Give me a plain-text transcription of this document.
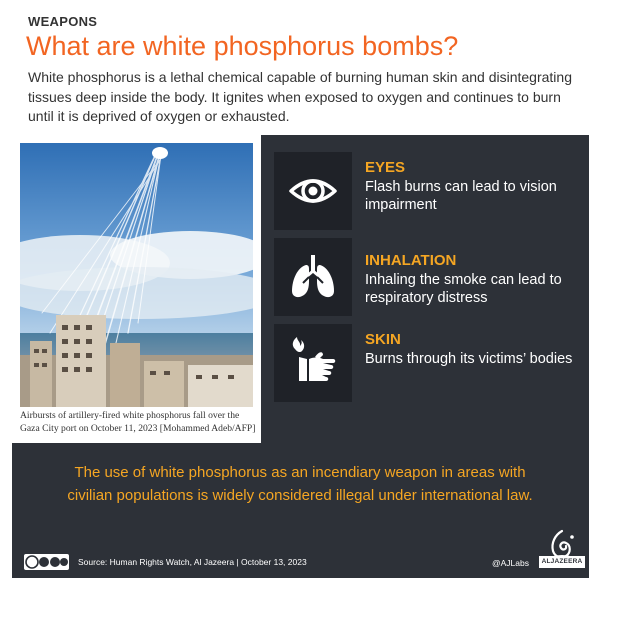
WEAPONS
What are white phosphorus bombs?
White phosphorus is a lethal chemical capable of burning human skin and disintegrating tissues deep inside the body. It ignites when exposed to oxygen and continues to burn until it is deprived of oxygen or exhausted.
Airbursts of artillery-fired white phosphorus fall over the Gaza City port on October 11, 2023 [Mohammed Adeb/AFP]
EYES
Flash burns can lead to vision impairment
INHALATION
Inhaling the smoke can lead to respiratory distress
SKIN
Burns through its victims’ bodies
The use of white phosphorus as an incendiary weapon in areas with civilian populations is widely considered illegal under international law.
Source: Human Rights Watch, Al Jazeera | October 13, 2023	@AJLabs	ALJAZEERA
